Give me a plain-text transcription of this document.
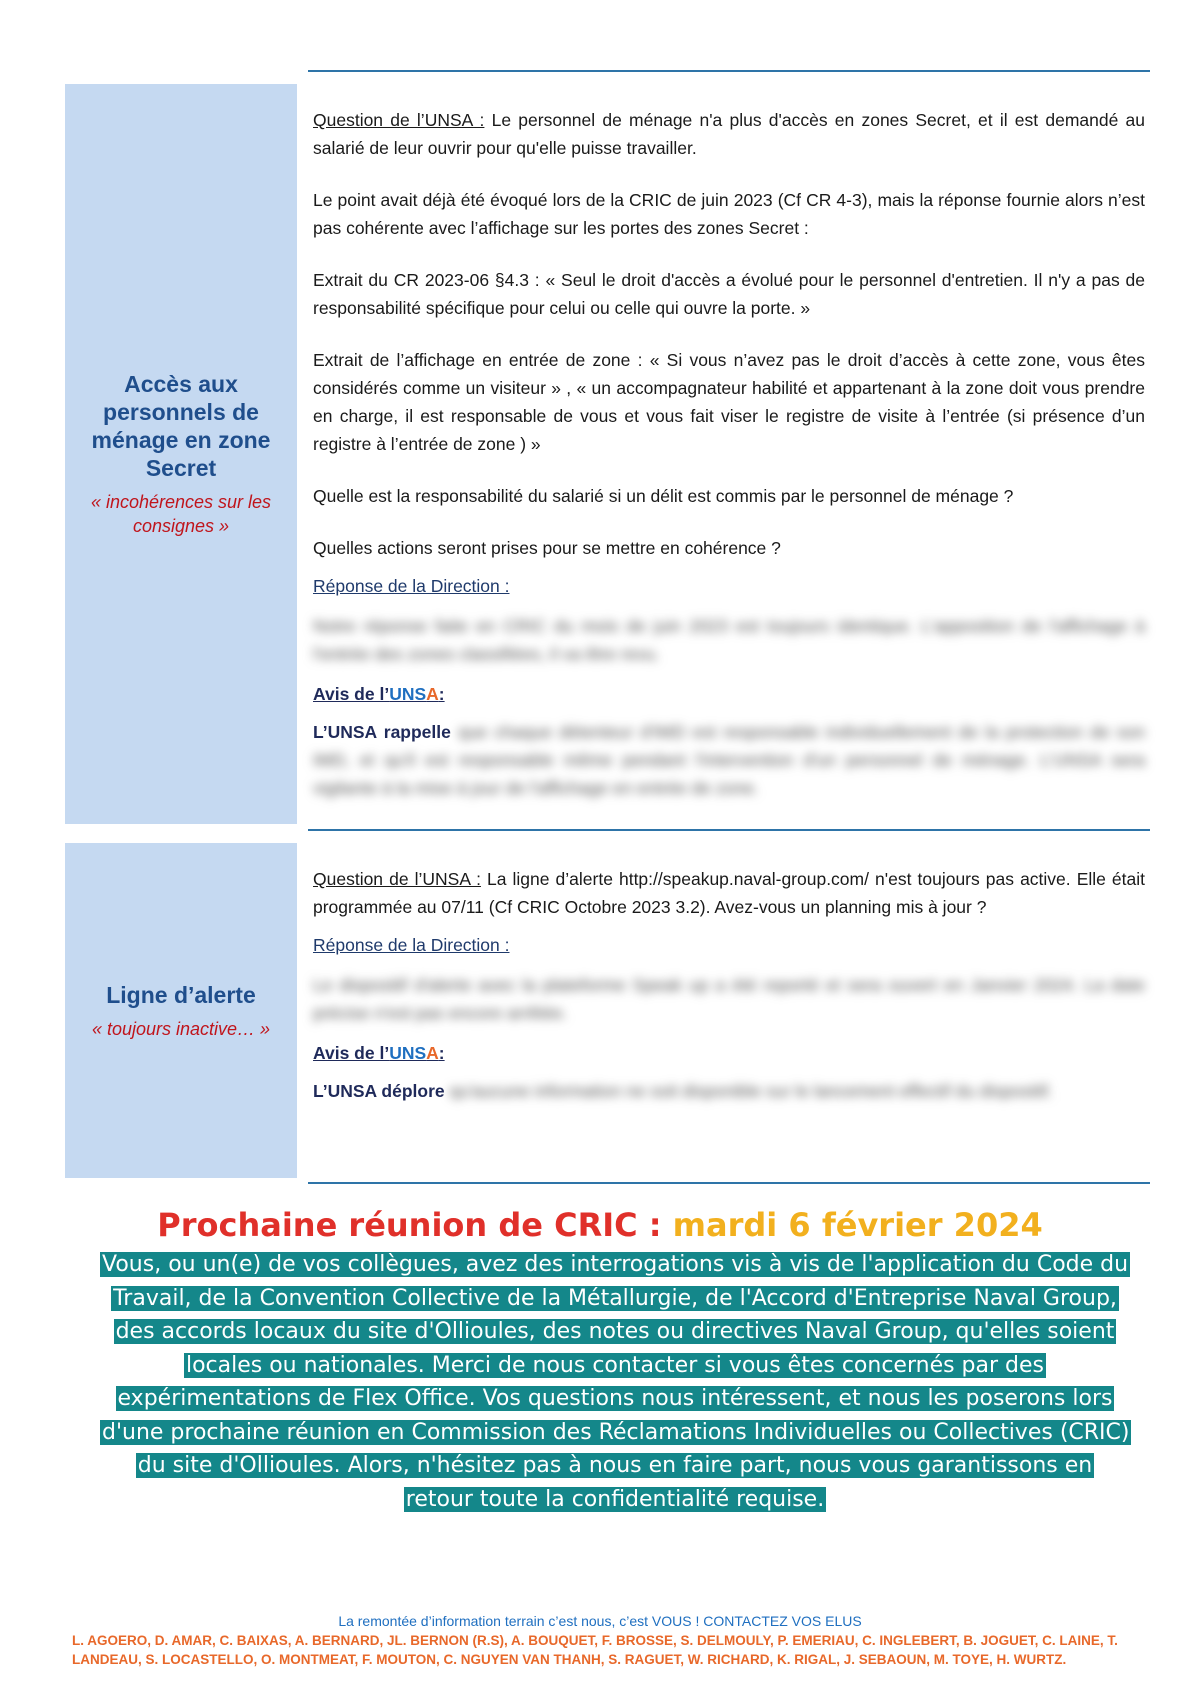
Accès aux personnels de ménage en zone Secret
« incohérences sur les consignes »

Question de l’UNSA : Le personnel de ménage n'a plus d'accès en zones Secret, et il est demandé au salarié de leur ouvrir pour qu'elle puisse travailler.

Le point avait déjà été évoqué lors de la CRIC de juin 2023 (Cf CR 4-3), mais la réponse fournie alors n’est pas cohérente avec l’affichage sur les portes des zones Secret :

Extrait du CR 2023-06 §4.3 : « Seul le droit d'accès a évolué pour le personnel d'entretien. Il n'y a pas de responsabilité spécifique pour celui ou celle qui ouvre la porte. »

Extrait de l’affichage en entrée de zone : « Si vous n’avez pas le droit d’accès à cette zone, vous êtes considérés comme un visiteur » , « un accompagnateur habilité et appartenant à la zone doit vous prendre en charge, il est responsable de vous et vous fait viser le registre de visite à l’entrée (si présence d’un registre à l’entrée de zone ) »

Quelle est la responsabilité du salarié si un délit est commis par le personnel de ménage ?

Quelles actions seront prises pour se mettre en cohérence ?

Réponse de la Direction :

Notre réponse faite en CRIC du mois de juin 2023 est toujours identique. L'apposition de l'affichage à l'entrée des zones classifiées, il va être revu.

Avis de l’UNSA:

L’UNSA rappelle que chaque détenteur d'IMD est responsable individuellement de la protection de son IMD, et qu'il est responsable même pendant l'intervention d'un personnel de ménage. L'UNSA sera vigilante à la mise à jour de l'affichage en entrée de zone.

Ligne d’alerte
« toujours inactive… »

Question de l’UNSA : La ligne d’alerte http://speakup.naval-group.com/ n'est toujours pas active. Elle était programmée au 07/11 (Cf CRIC Octobre 2023 3.2). Avez-vous un planning mis à jour ?

Réponse de la Direction :

Le dispositif d'alerte avec la plateforme Speak up a été reporté et sera ouvert en Janvier 2024. La date précise n'est pas encore arrêtée.

Avis de l’UNSA:

L’UNSA déplore qu'aucune information ne soit disponible sur le lancement effectif du dispositif.

Prochaine réunion de CRIC : mardi 6 février 2024
Vous, ou un(e) de vos collègues, avez des interrogations vis à vis de l'application du Code du Travail, de la Convention Collective de la Métallurgie, de l'Accord d'Entreprise Naval Group, des accords locaux du site d'Ollioules, des notes ou directives Naval Group, qu'elles soient locales ou nationales. Merci de nous contacter si vous êtes concernés par des expérimentations de Flex Office. Vos questions nous intéressent, et nous les poserons lors d'une prochaine réunion en Commission des Réclamations Individuelles ou Collectives (CRIC) du site d'Ollioules. Alors, n'hésitez pas à nous en faire part, nous vous garantissons en retour toute la confidentialité requise.
La remontée d’information terrain c’est nous, c’est VOUS ! CONTACTEZ VOS ELUS
L. AGOERO, D. AMAR, C. BAIXAS, A. BERNARD, JL. BERNON (R.S), A. BOUQUET, F. BROSSE, S. DELMOULY, P. EMERIAU, C. INGLEBERT, B. JOGUET, C. LAINE, T. LANDEAU, S. LOCASTELLO, O. MONTMEAT, F. MOUTON, C. NGUYEN VAN THANH, S. RAGUET, W. RICHARD, K. RIGAL, J. SEBAOUN, M. TOYE, H. WURTZ.
